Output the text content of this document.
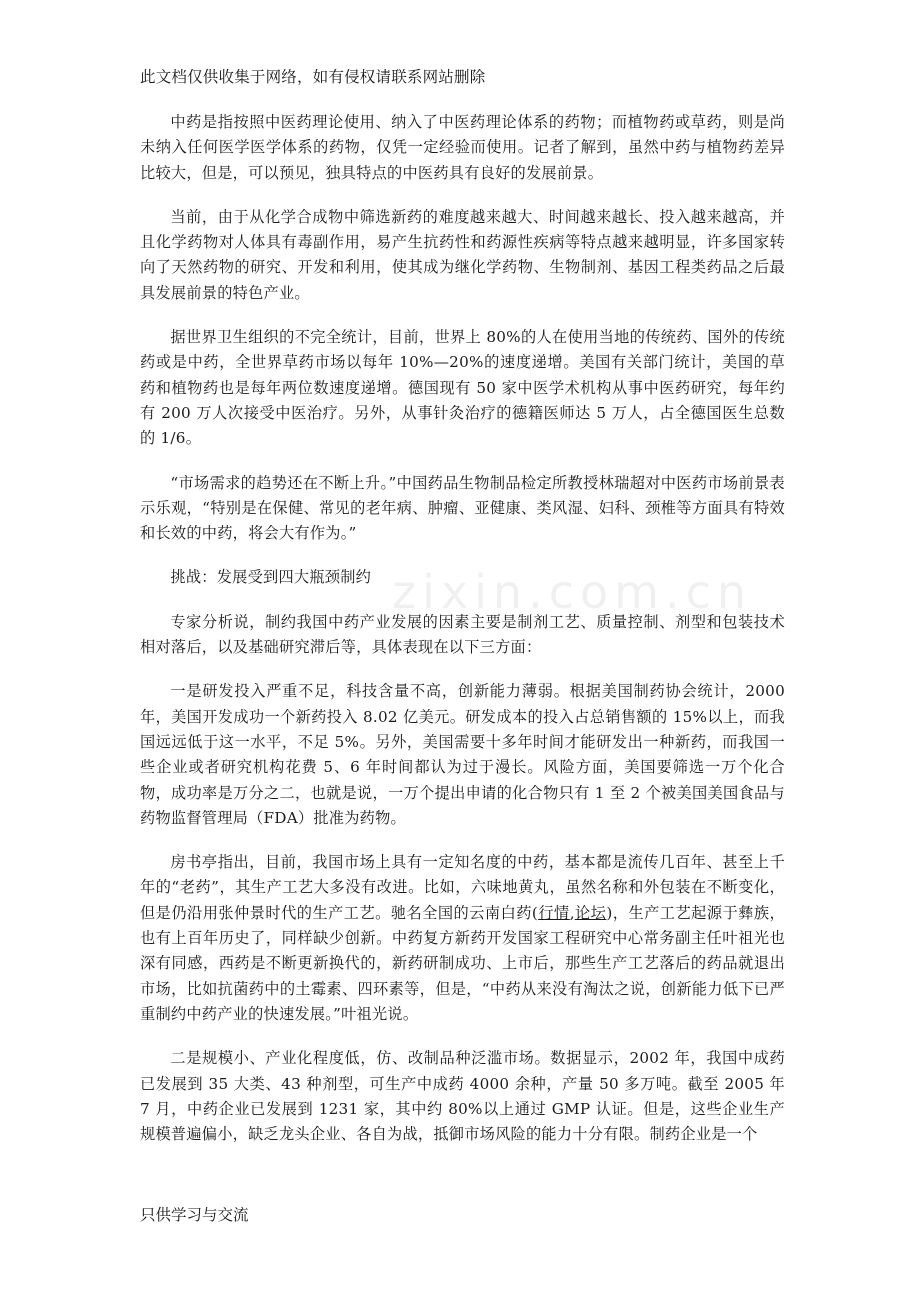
此文档仅供收集于网络，如有侵权请联系网站删除
zixin.com.cn

中药是指按照中医药理论使用、纳入了中医药理论体系的药物；而植物药或草药，则是尚未纳入任何医学医学体系的药物，仅凭一定经验而使用。记者了解到，虽然中药与植物药差异比较大，但是，可以预见，独具特点的中医药具有良好的发展前景。

当前，由于从化学合成物中筛选新药的难度越来越大、时间越来越长、投入越来越高，并且化学药物对人体具有毒副作用，易产生抗药性和药源性疾病等特点越来越明显，许多国家转向了天然药物的研究、开发和利用，使其成为继化学药物、生物制剂、基因工程类药品之后最具发展前景的特色产业。

据世界卫生组织的不完全统计，目前，世界上 80%的人在使用当地的传统药、国外的传统药或是中药，全世界草药市场以每年 10%—20%的速度递增。美国有关部门统计，美国的草药和植物药也是每年两位数速度递增。德国现有 50 家中医学术机构从事中医药研究，每年约有 200 万人次接受中医治疗。另外，从事针灸治疗的德籍医师达 5 万人，占全德国医生总数的 1/6。

“市场需求的趋势还在不断上升。”中国药品生物制品检定所教授林瑞超对中医药市场前景表示乐观，“特别是在保健、常见的老年病、肿瘤、亚健康、类风湿、妇科、颈椎等方面具有特效和长效的中药，将会大有作为。”

挑战：发展受到四大瓶颈制约

专家分析说，制约我国中药产业发展的因素主要是制剂工艺、质量控制、剂型和包装技术相对落后，以及基础研究滞后等，具体表现在以下三方面：

一是研发投入严重不足，科技含量不高，创新能力薄弱。根据美国制药协会统计，2000 年，美国开发成功一个新药投入 8.02 亿美元。研发成本的投入占总销售额的 15%以上，而我国远远低于这一水平，不足 5%。另外，美国需要十多年时间才能研发出一种新药，而我国一些企业或者研究机构花费 5、6 年时间都认为过于漫长。风险方面，美国要筛选一万个化合物，成功率是万分之二，也就是说，一万个提出申请的化合物只有 1 至 2 个被美国美国食品与药物监督管理局（FDA）批准为药物。

房书亭指出，目前，我国市场上具有一定知名度的中药，基本都是流传几百年、甚至上千年的“老药”，其生产工艺大多没有改进。比如，六味地黄丸，虽然名称和外包装在不断变化，但是仍沿用张仲景时代的生产工艺。驰名全国的云南白药(行情,论坛)，生产工艺起源于彝族，也有上百年历史了，同样缺少创新。中药复方新药开发国家工程研究中心常务副主任叶祖光也深有同感，西药是不断更新换代的，新药研制成功、上市后，那些生产工艺落后的药品就退出市场，比如抗菌药中的土霉素、四环素等，但是，“中药从来没有淘汰之说，创新能力低下已严重制约中药产业的快速发展。”叶祖光说。

二是规模小、产业化程度低，仿、改制品种泛滥市场。数据显示，2002 年，我国中成药已发展到 35 大类、43 种剂型，可生产中成药 4000 余种，产量 50 多万吨。截至 2005 年 7 月，中药企业已发展到 1231 家，其中约 80%以上通过 GMP 认证。但是，这些企业生产规模普遍偏小，缺乏龙头企业、各自为战，抵御市场风险的能力十分有限。制药企业是一个

只供学习与交流
